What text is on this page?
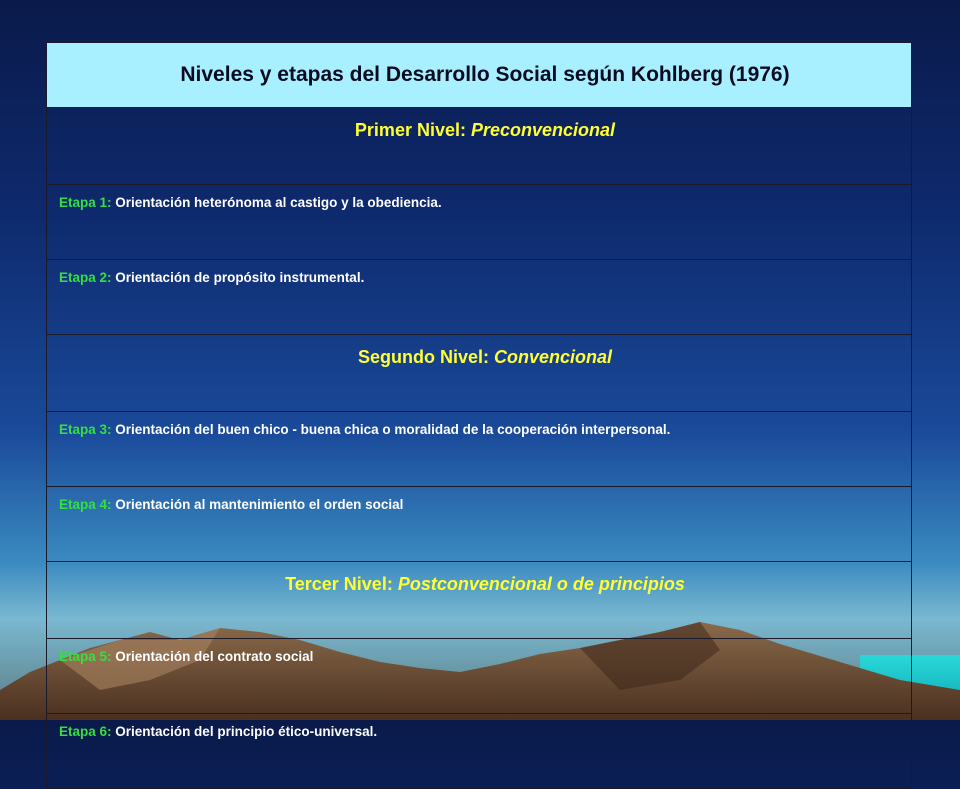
Niveles y etapas del Desarrollo Social según Kohlberg (1976)
Primer Nivel: Preconvencional
Etapa 1: Orientación heterónoma al castigo y la obediencia.
Etapa 2: Orientación de propósito instrumental.
Segundo Nivel: Convencional
Etapa 3: Orientación del buen chico - buena chica o moralidad de la cooperación interpersonal.
Etapa 4: Orientación al mantenimiento el orden social
Tercer Nivel: Postconvencional o de principios
Etapa 5: Orientación del contrato social
Etapa 6: Orientación del principio ético-universal.
